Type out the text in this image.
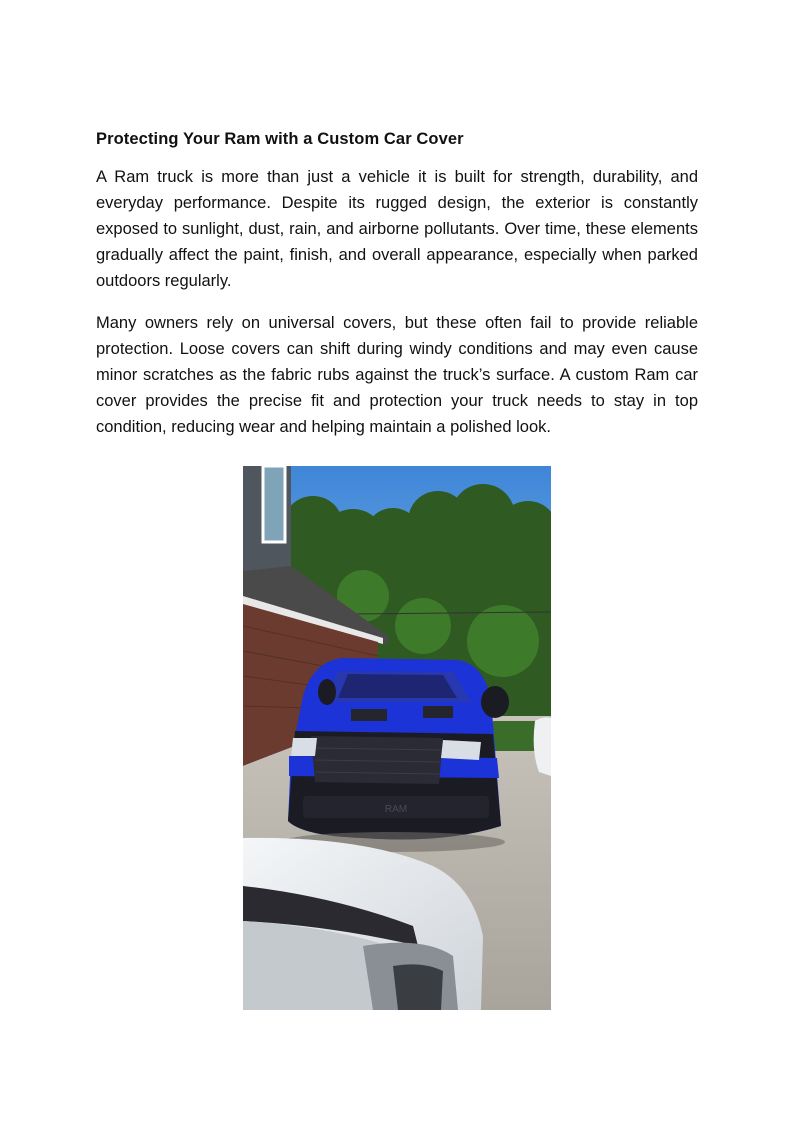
Protecting Your Ram with a Custom Car Cover

A Ram truck is more than just a vehicle it is built for strength, durability, and everyday performance. Despite its rugged design, the exterior is constantly exposed to sunlight, dust, rain, and airborne pollutants. Over time, these elements gradually affect the paint, finish, and overall appearance, especially when parked outdoors regularly.

Many owners rely on universal covers, but these often fail to provide reliable protection. Loose covers can shift during windy conditions and may even cause minor scratches as the fabric rubs against the truck’s surface. A custom Ram car cover provides the precise fit and protection your truck needs to stay in top condition, reducing wear and helping maintain a polished look.

RAM
